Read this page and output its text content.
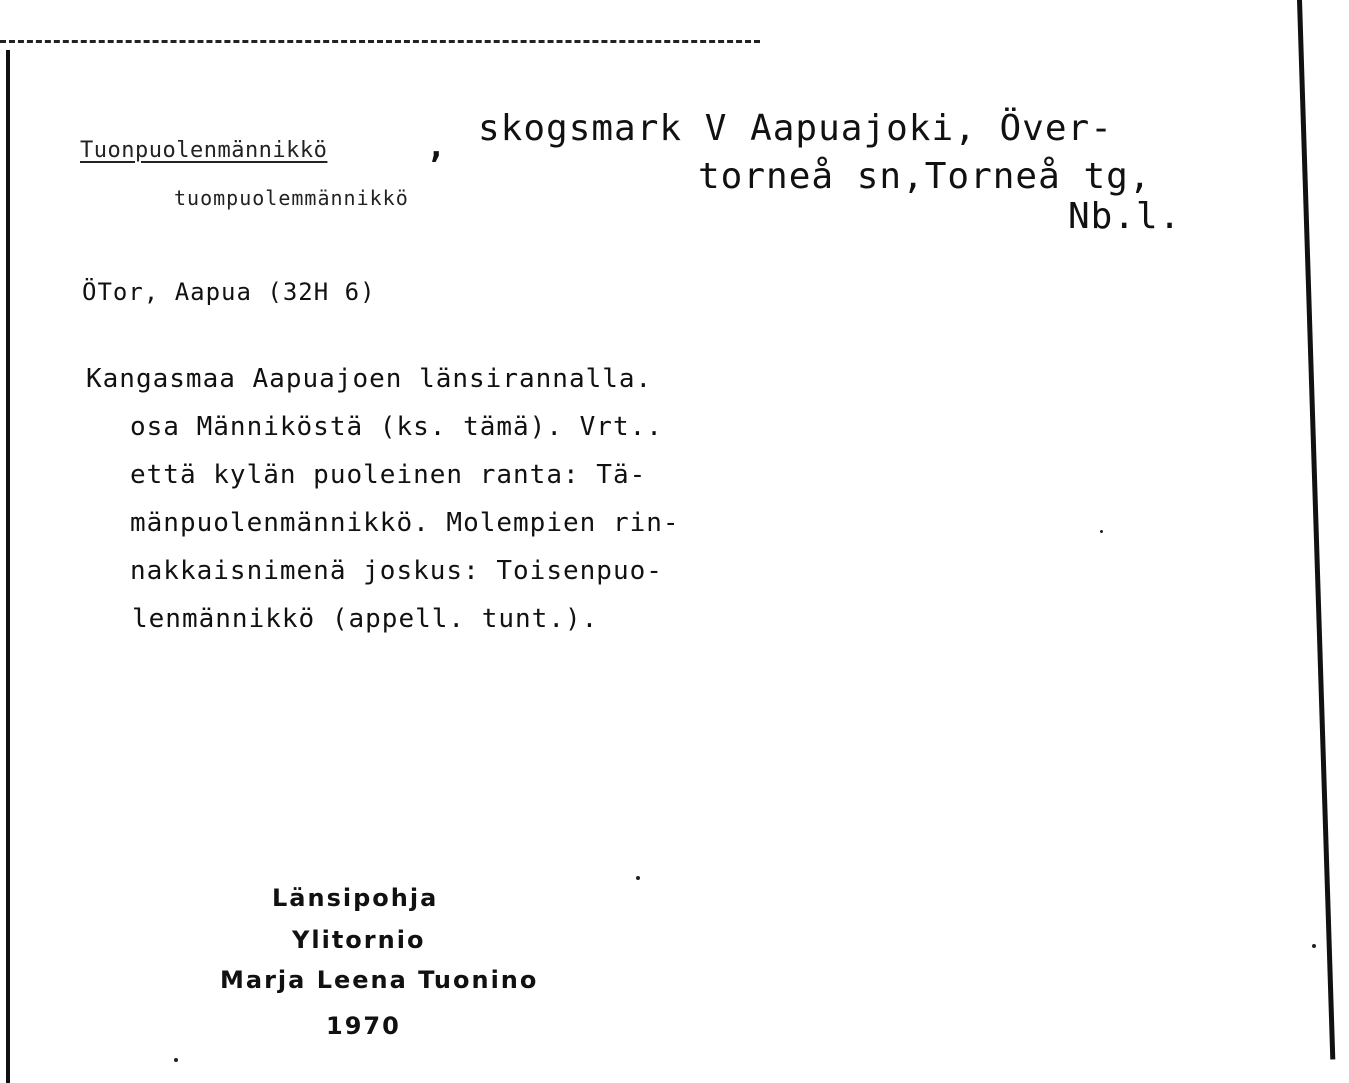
Tuonpuolenmännikkö	,
tuompuolemmännikkö
skogsmark V Aapuajoki, Över-
torneå sn,Torneå tg,
Nb.l.
ÖTor, Aapua (32H 6)
Kangasmaa Aapuajoen länsirannalla.
osa Männiköstä (ks. tämä). Vrt..
että kylän puoleinen ranta: Tä-
mänpuolenmännikkö. Molempien rin-
nakkaisnimenä joskus: Toisenpuo-
lenmännikkö (appell. tunt.).
Länsipohja
Ylitornio
Marja Leena Tuonino
1970
